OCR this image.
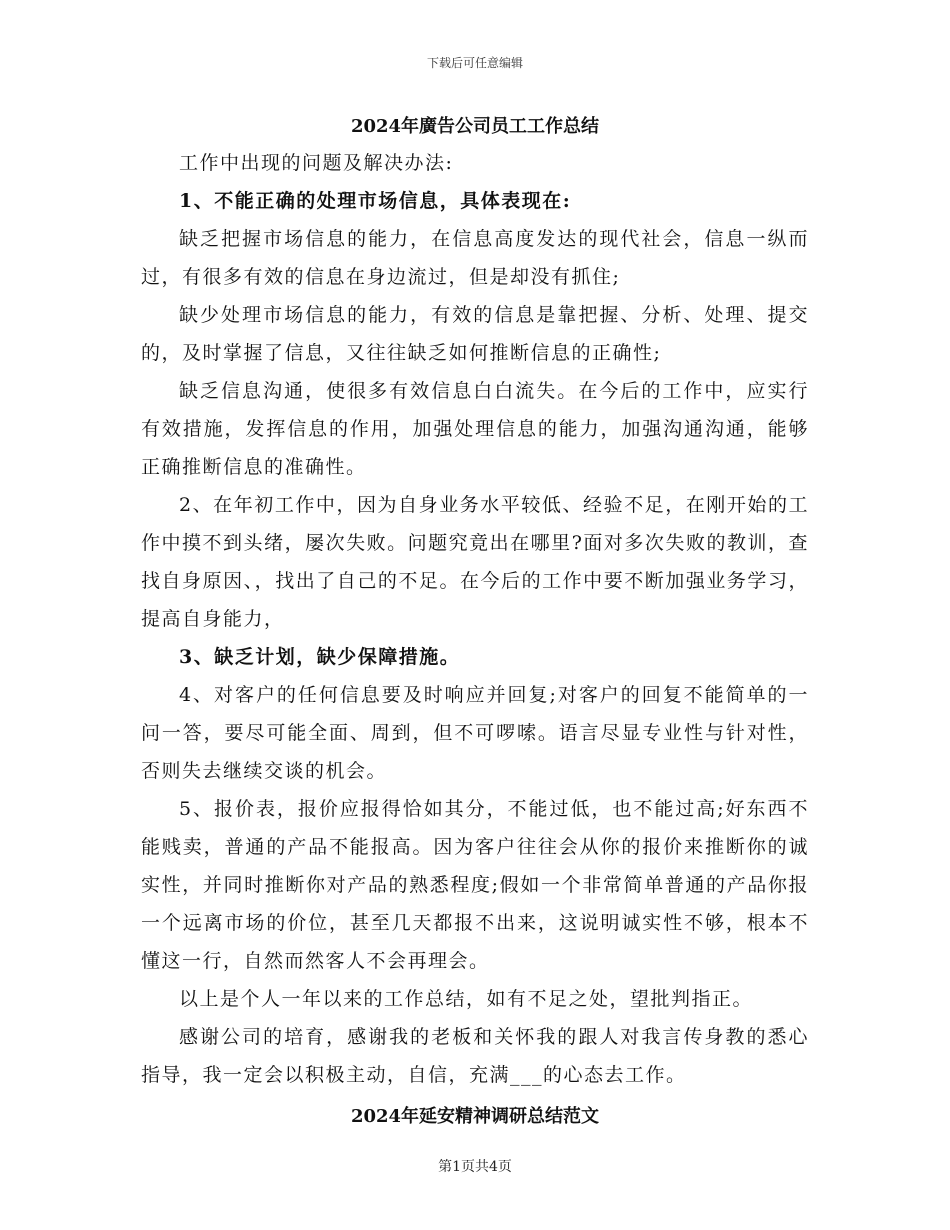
下载后可任意编辑
2024年廣告公司员工工作总结

工作中出现的问题及解决办法:

1、不能正确的处理市场信息，具体表现在:

缺乏把握市场信息的能力，在信息高度发达的现代社会，信息一纵而过，有很多有效的信息在身边流过，但是却没有抓住;

缺少处理市场信息的能力，有效的信息是靠把握、分析、处理、提交的，及时掌握了信息，又往往缺乏如何推断信息的正确性;

缺乏信息沟通，使很多有效信息白白流失。在今后的工作中，应实行有效措施，发挥信息的作用，加强处理信息的能力，加强沟通沟通，能够正确推断信息的准确性。

2、在年初工作中，因为自身业务水平较低、经验不足，在刚开始的工作中摸不到头绪，屡次失败。问题究竟出在哪里?面对多次失败的教训，查找自身原因、，找出了自己的不足。在今后的工作中要不断加强业务学习，提高自身能力，

3、缺乏计划，缺少保障措施。

4、对客户的任何信息要及时响应并回复;对客户的回复不能简单的一问一答，要尽可能全面、周到，但不可啰嗦。语言尽显专业性与针对性，否则失去继续交谈的机会。

5、报价表，报价应报得恰如其分，不能过低，也不能过高;好东西不能贱卖，普通的产品不能报高。因为客户往往会从你的报价来推断你的诚实性，并同时推断你对产品的熟悉程度;假如一个非常简单普通的产品你报一个远离市场的价位，甚至几天都报不出来，这说明诚实性不够，根本不懂这一行，自然而然客人不会再理会。

以上是个人一年以来的工作总结，如有不足之处，望批判指正。

感谢公司的培育，感谢我的老板和关怀我的跟人对我言传身教的悉心指导，我一定会以积极主动，自信，充满___的心态去工作。

2024年延安精神调研总结范文
第1页共4页
